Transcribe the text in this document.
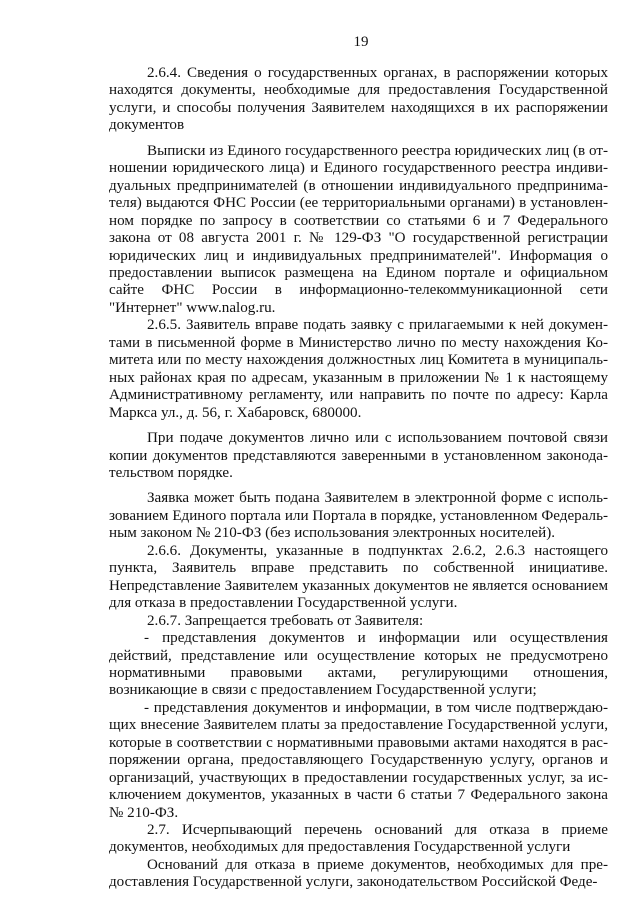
19

2.6.4. Сведения о государственных органах, в распоряжении которых находятся документы, необходимые для предоставления Государственной услуги, и способы получения Заявителем находящихся в их распоряжении документов

Выписки из Единого государственного реестра юридических лиц (в отношении юридического лица) и Единого государственного реестра индивидуальных предпринимателей (в отношении индивидуального предпринимателя) выдаются ФНС России (ее территориальными органами) в установленном порядке по запросу в соответствии со статьями 6 и 7 Федерального закона от 08 августа 2001 г. № 129-ФЗ "О государственной регистрации юридических лиц и индивидуальных предпринимателей". Информация о предоставлении выписок размещена на Едином портале и официальном сайте ФНС России в информационно-телекоммуникационной сети "Интернет" www.nalog.ru.

2.6.5. Заявитель вправе подать заявку с прилагаемыми к ней документами в письменной форме в Министерство лично по месту нахождения Комитета или по месту нахождения должностных лиц Комитета в муниципальных районах края по адресам, указанным в приложении № 1 к настоящему Административному регламенту, или направить по почте по адресу: Карла Маркса ул., д. 56, г. Хабаровск, 680000.

При подаче документов лично или с использованием почтовой связи копии документов представляются заверенными в установленном законодательством порядке.

Заявка может быть подана Заявителем в электронной форме с использованием Единого портала или Портала в порядке, установленном Федеральным законом № 210-ФЗ (без использования электронных носителей).

2.6.6. Документы, указанные в подпунктах 2.6.2, 2.6.3 настоящего пункта, Заявитель вправе представить по собственной инициативе. Непредставление Заявителем указанных документов не является основанием для отказа в предоставлении Государственной услуги.

2.6.7. Запрещается требовать от Заявителя:

- представления документов и информации или осуществления действий, представление или осуществление которых не предусмотрено нормативными правовыми актами, регулирующими отношения, возникающие в связи с предоставлением Государственной услуги;

- представления документов и информации, в том числе подтверждающих внесение Заявителем платы за предоставление Государственной услуги, которые в соответствии с нормативными правовыми актами находятся в распоряжении органа, предоставляющего Государственную услугу, органов и организаций, участвующих в предоставлении государственных услуг, за исключением документов, указанных в части 6 статьи 7 Федерального закона № 210-ФЗ.

2.7. Исчерпывающий перечень оснований для отказа в приеме документов, необходимых для предоставления Государственной услуги

Оснований для отказа в приеме документов, необходимых для предоставления Государственной услуги, законодательством Российской Феде-
